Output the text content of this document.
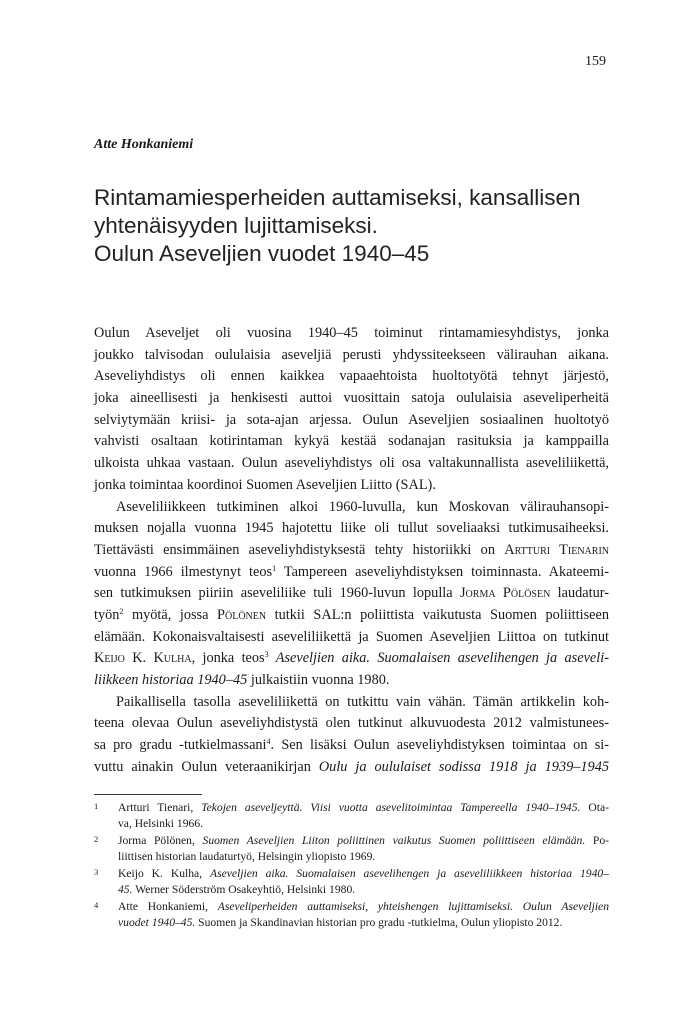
159
Atte Honkaniemi
Rintamamiesperheiden auttamiseksi, kansallisen
yhtenäisyyden lujittamiseksi.
Oulun Aseveljien vuodet 1940–45
Oulun Aseveljet oli vuosina 1940–45 toiminut rintamamiesyhdistys, jonka
joukko talvisodan oululaisia aseveljiä perusti yhdyssiteekseen välirauhan aikana.
Aseveliyhdistys oli ennen kaikkea vapaaehtoista huoltotyötä tehnyt järjestö,
joka aineellisesti ja henkisesti auttoi vuosittain satoja oululaisia aseveliperheitä
selviytymään kriisi- ja sota-ajan arjessa. Oulun Aseveljien sosiaalinen huoltotyö
vahvisti osaltaan kotirintaman kykyä kestää sodanajan rasituksia ja kamppailla
ulkoista uhkaa vastaan. Oulun aseveliyhdistys oli osa valtakunnallista aseveliliikettä,
jonka toimintaa koordinoi Suomen Aseveljien Liitto (SAL).
Aseveliliikkeen tutkiminen alkoi 1960-luvulla, kun Moskovan välirauhansopi-
muksen nojalla vuonna 1945 hajotettu liike oli tullut soveliaaksi tutkimusaiheeksi.
Tiettävästi ensimmäinen aseveliyhdistyksestä tehty historiikki on Artturi Tienarin
vuonna 1966 ilmestynyt teos$^1$ Tampereen aseveliyhdistyksen toiminnasta. Akateemi-
sen tutkimuksen piiriin aseveliliike tuli 1960-luvun lopulla Jorma Pölösen laudatur-
työn$^2$ myötä, jossa Pölönen tutkii SAL:n poliittista vaikutusta Suomen poliittiseen
elämään. Kokonaisvaltaisesti aseveliliikettä ja Suomen Aseveljien Liittoa on tutkinut
Keijo K. Kulha, jonka teos$^3$ Aseveljien aika. Suomalaisen asevelihengen ja aseveli-
liikkeen historiaa 1940–45 julkaistiin vuonna 1980.
Paikallisella tasolla aseveliliikettä on tutkittu vain vähän. Tämän artikkelin koh-
teena olevaa Oulun aseveliyhdistystä olen tutkinut alkuvuodesta 2012 valmistunees-
sa pro gradu -tutkielmassani$^4$. Sen lisäksi Oulun aseveliyhdistyksen toimintaa on si-
vuttu ainakin Oulun veteraanikirjan Oulu ja oululaiset sodissa 1918 ja 1939–1945
1 Artturi Tienari, Tekojen aseveljeyttä. Viisi vuotta asevelitoimintaa Tampereella 1940–1945. Ota-
va, Helsinki 1966.
2 Jorma Pölönen, Suomen Aseveljien Liiton poliittinen vaikutus Suomen poliittiseen elämään. Po-
liittisen historian laudaturtyö, Helsingin yliopisto 1969.
3 Keijo K. Kulha, Aseveljien aika. Suomalaisen asevelihengen ja aseveliliikkeen historiaa 1940–
45. Werner Söderström Osakeyhtiö, Helsinki 1980.
4 Atte Honkaniemi, Aseveliperheiden auttamiseksi, yhteishengen lujittamiseksi. Oulun Aseveljien
vuodet 1940–45. Suomen ja Skandinavian historian pro gradu -tutkielma, Oulun yliopisto 2012.
